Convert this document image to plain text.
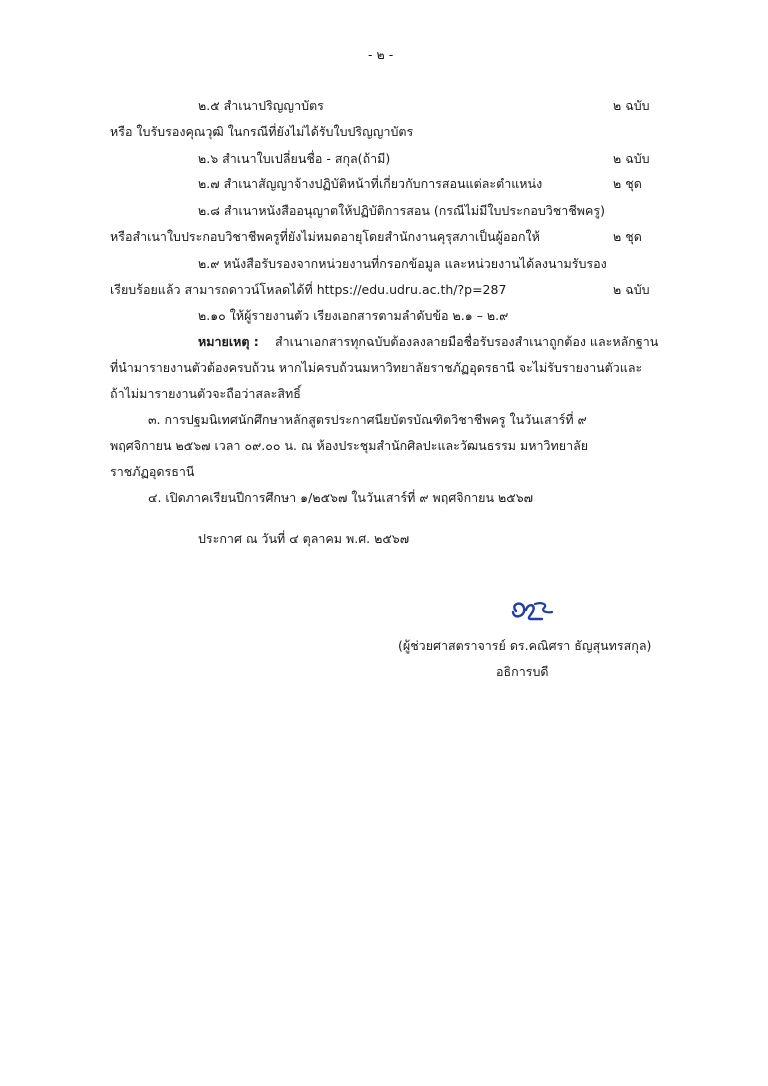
- ๒ -
๒.๕ สำเนาปริญญาบัตร	๒ ฉบับ
หรือ ใบรับรองคุณวุฒิ ในกรณีที่ยังไม่ได้รับใบปริญญาบัตร
๒.๖ สำเนาใบเปลี่ยนชื่อ - สกุล(ถ้ามี)	๒ ฉบับ
๒.๗ สำเนาสัญญาจ้างปฏิบัติหน้าที่เกี่ยวกับการสอนแต่ละตำแหน่ง	๒ ชุด
๒.๘ สำเนาหนังสืออนุญาตให้ปฏิบัติการสอน (กรณีไม่มีใบประกอบวิชาชีพครู)
หรือสำเนาใบประกอบวิชาชีพครูที่ยังไม่หมดอายุโดยสำนักงานคุรุสภาเป็นผู้ออกให้	๒ ชุด
๒.๙ หนังสือรับรองจากหน่วยงานที่กรอกข้อมูล และหน่วยงานได้ลงนามรับรอง
เรียบร้อยแล้ว สามารถดาวน์โหลดได้ที่ https://edu.udru.ac.th/?p=287	๒ ฉบับ
๒.๑๐ ให้ผู้รายงานตัว เรียงเอกสารตามลำดับข้อ ๒.๑ – ๒.๙
หมายเหตุ : สำเนาเอกสารทุกฉบับต้องลงลายมือชื่อรับรองสำเนาถูกต้อง และหลักฐาน
ที่นำมารายงานตัวต้องครบถ้วน หากไม่ครบถ้วนมหาวิทยาลัยราชภัฏอุดรธานี จะไม่รับรายงานตัวและ
ถ้าไม่มารายงานตัวจะถือว่าสละสิทธิ์
๓. การปฐมนิเทศนักศึกษาหลักสูตรประกาศนียบัตรบัณฑิตวิชาชีพครู ในวันเสาร์ที่ ๙
พฤศจิกายน ๒๕๖๗ เวลา ๐๙.๐๐ น. ณ ห้องประชุมสำนักศิลปะและวัฒนธรรม มหาวิทยาลัย
ราชภัฏอุดรธานี
๔. เปิดภาคเรียนปีการศึกษา ๑/๒๕๖๗ ในวันเสาร์ที่ ๙ พฤศจิกายน ๒๕๖๗
ประกาศ ณ วันที่ ๔ ตุลาคม พ.ศ. ๒๕๖๗
(ผู้ช่วยศาสตราจารย์ ดร.คณิศรา ธัญสุนทรสกุล)
อธิการบดี
